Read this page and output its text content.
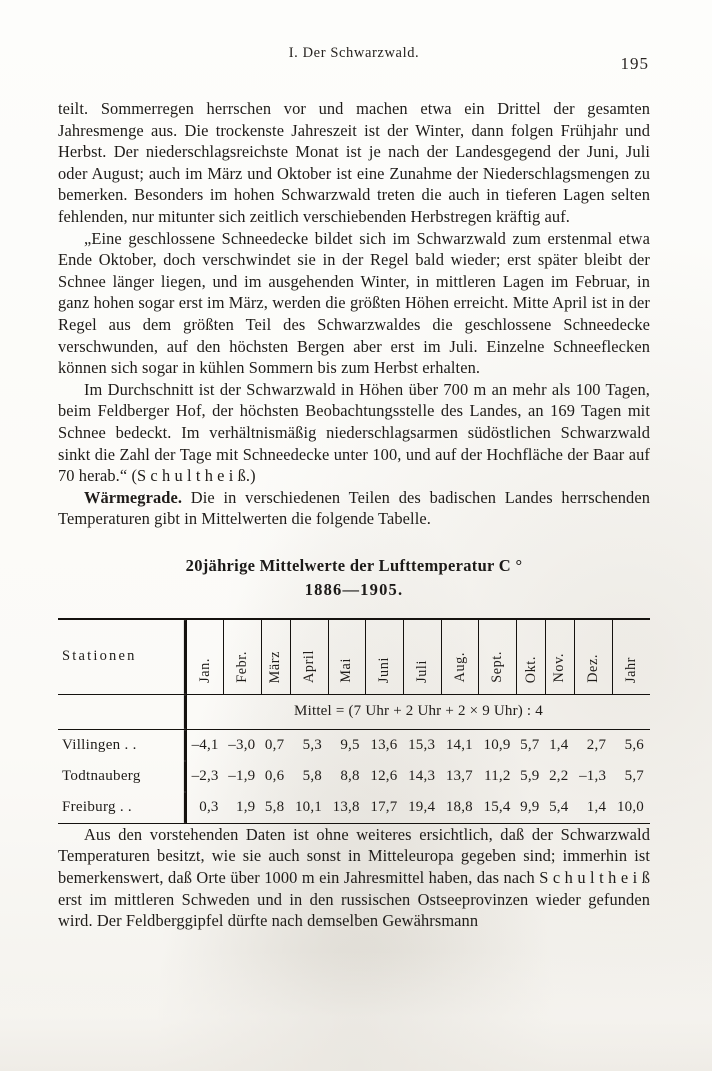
I. Der Schwarzwald.
195

teilt. Sommerregen herrschen vor und machen etwa ein Drittel der gesamten Jahresmenge aus. Die trockenste Jahreszeit ist der Winter, dann folgen Frühjahr und Herbst. Der niederschlagsreichste Monat ist je nach der Landesgegend der Juni, Juli oder August; auch im März und Oktober ist eine Zunahme der Niederschlagsmengen zu bemerken. Besonders im hohen Schwarzwald treten die auch in tieferen Lagen selten fehlenden, nur mitunter sich zeitlich verschiebenden Herbstregen kräftig auf.

„Eine geschlossene Schneedecke bildet sich im Schwarzwald zum erstenmal etwa Ende Oktober, doch verschwindet sie in der Regel bald wieder; erst später bleibt der Schnee länger liegen, und im ausgehenden Winter, in mittleren Lagen im Februar, in ganz hohen sogar erst im März, werden die größten Höhen erreicht. Mitte April ist in der Regel aus dem größten Teil des Schwarzwaldes die geschlossene Schneedecke verschwunden, auf den höchsten Bergen aber erst im Juli. Einzelne Schneeflecken können sich sogar in kühlen Sommern bis zum Herbst erhalten.

Im Durchschnitt ist der Schwarzwald in Höhen über 700 m an mehr als 100 Tagen, beim Feldberger Hof, der höchsten Beobachtungsstelle des Landes, an 169 Tagen mit Schnee bedeckt. Im verhältnismäßig niederschlagsarmen südöstlichen Schwarzwald sinkt die Zahl der Tage mit Schneedecke unter 100, und auf der Hochfläche der Baar auf 70 herab.“ (S c h u l t h e i ß.)

Wärmegrade. Die in verschiedenen Teilen des badischen Landes herrschenden Temperaturen gibt in Mittelwerten die folgende Tabelle.

20jährige Mittelwerte der Lufttemperatur C °
1886—1905.

Stationen	Jan.	Febr.	März	April	Mai	Juni	Juli	Aug.	Sept.	Okt.	Nov.	Dez.	Jahr

	Mittel = (7 Uhr + 2 Uhr + 2 × 9 Uhr) : 4												

Villingen . .	–4,1	–3,0	0,7	5,3	9,5	13,6	15,3	14,1	10,9	5,7	1,4	2,7	5,6
Todtnauberg	–2,3	–1,9	0,6	5,8	8,8	12,6	14,3	13,7	11,2	5,9	2,2	–1,3	5,7
Freiburg . .	0,3	1,9	5,8	10,1	13,8	17,7	19,4	18,8	15,4	9,9	5,4	1,4	10,0

Aus den vorstehenden Daten ist ohne weiteres ersichtlich, daß der Schwarzwald Temperaturen besitzt, wie sie auch sonst in Mitteleuropa gegeben sind; immerhin ist bemerkenswert, daß Orte über 1000 m ein Jahresmittel haben, das nach S c h u l t h e i ß erst im mittleren Schweden und in den russischen Ostseeprovinzen wieder gefunden wird. Der Feldberggipfel dürfte nach demselben Gewährsmann
